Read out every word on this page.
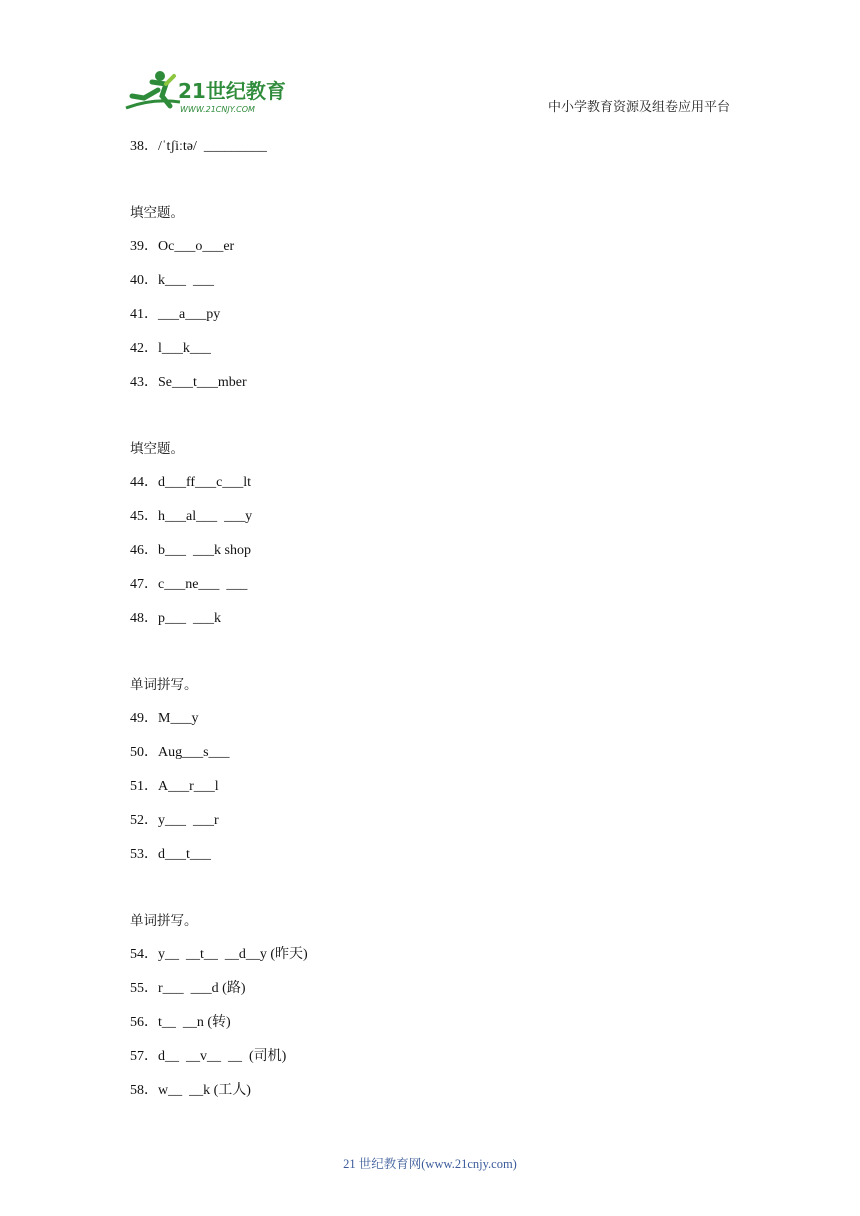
21世纪教育
WWW.21CNJY.COM	中小学教育资源及组卷应用平台
38．/ˈtʃiːtə/  _________
填空题。
39．Oc___o___er
40．k___  ___
41．___a___py
42．l___k___
43．Se___t___mber
填空题。
44．d___ff___c___lt
45．h___al___  ___y
46．b___  ___k shop
47．c___ne___  ___
48．p___  ___k
单词拼写。
49．M___y
50．Aug___s___
51．A___r___l
52．y___  ___r
53．d___t___
单词拼写。
54．y__  __t__  __d__y (昨天)
55．r___  ___d (路)
56．t__  __n (转)
57．d__  __v__  __  (司机)
58．w__  __k (工人)
21 世纪教育网(www.21cnjy.com)
